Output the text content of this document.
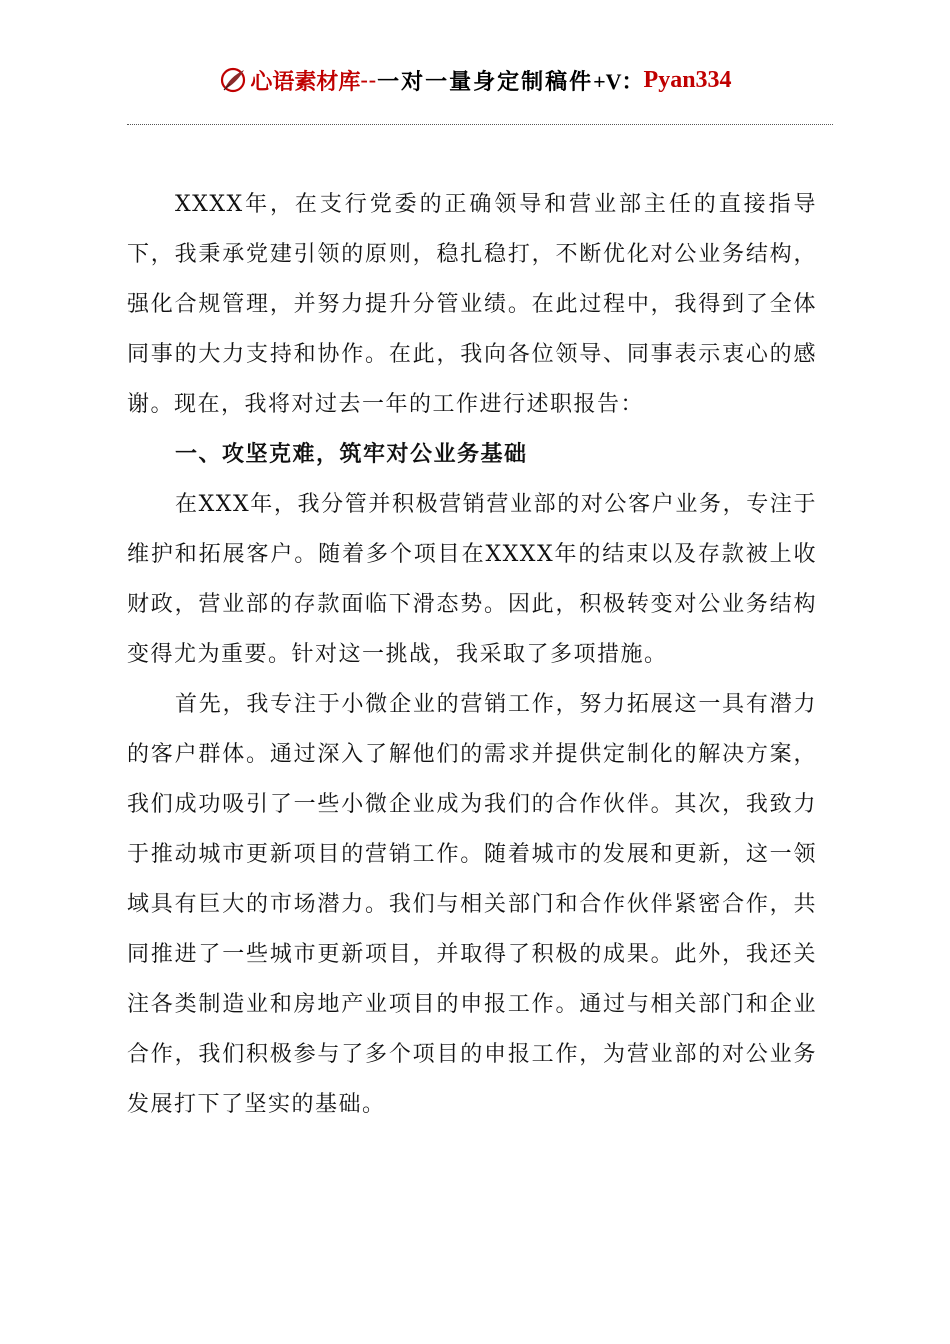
心语素材库 -- 一对一量身定制稿件 +V： Pyan334

XXXX年，在支行党委的正确领导和营业部主任的直接指导下，我秉承党建引领的原则，稳扎稳打，不断优化对公业务结构，强化合规管理，并努力提升分管业绩。在此过程中，我得到了全体同事的大力支持和协作。在此，我向各位领导、同事表示衷心的感谢。现在，我将对过去一年的工作进行述职报告：

一、攻坚克难，筑牢对公业务基础

在XXX年，我分管并积极营销营业部的对公客户业务，专注于维护和拓展客户。随着多个项目在XXXX年的结束以及存款被上收财政，营业部的存款面临下滑态势。因此，积极转变对公业务结构变得尤为重要。针对这一挑战，我采取了多项措施。

首先，我专注于小微企业的营销工作，努力拓展这一具有潜力的客户群体。通过深入了解他们的需求并提供定制化的解决方案，我们成功吸引了一些小微企业成为我们的合作伙伴。其次，我致力于推动城市更新项目的营销工作。随着城市的发展和更新，这一领域具有巨大的市场潜力。我们与相关部门和合作伙伴紧密合作，共同推进了一些城市更新项目，并取得了积极的成果。此外，我还关注各类制造业和房地产业项目的申报工作。通过与相关部门和企业合作，我们积极参与了多个项目的申报工作，为营业部的对公业务发展打下了坚实的基础。
